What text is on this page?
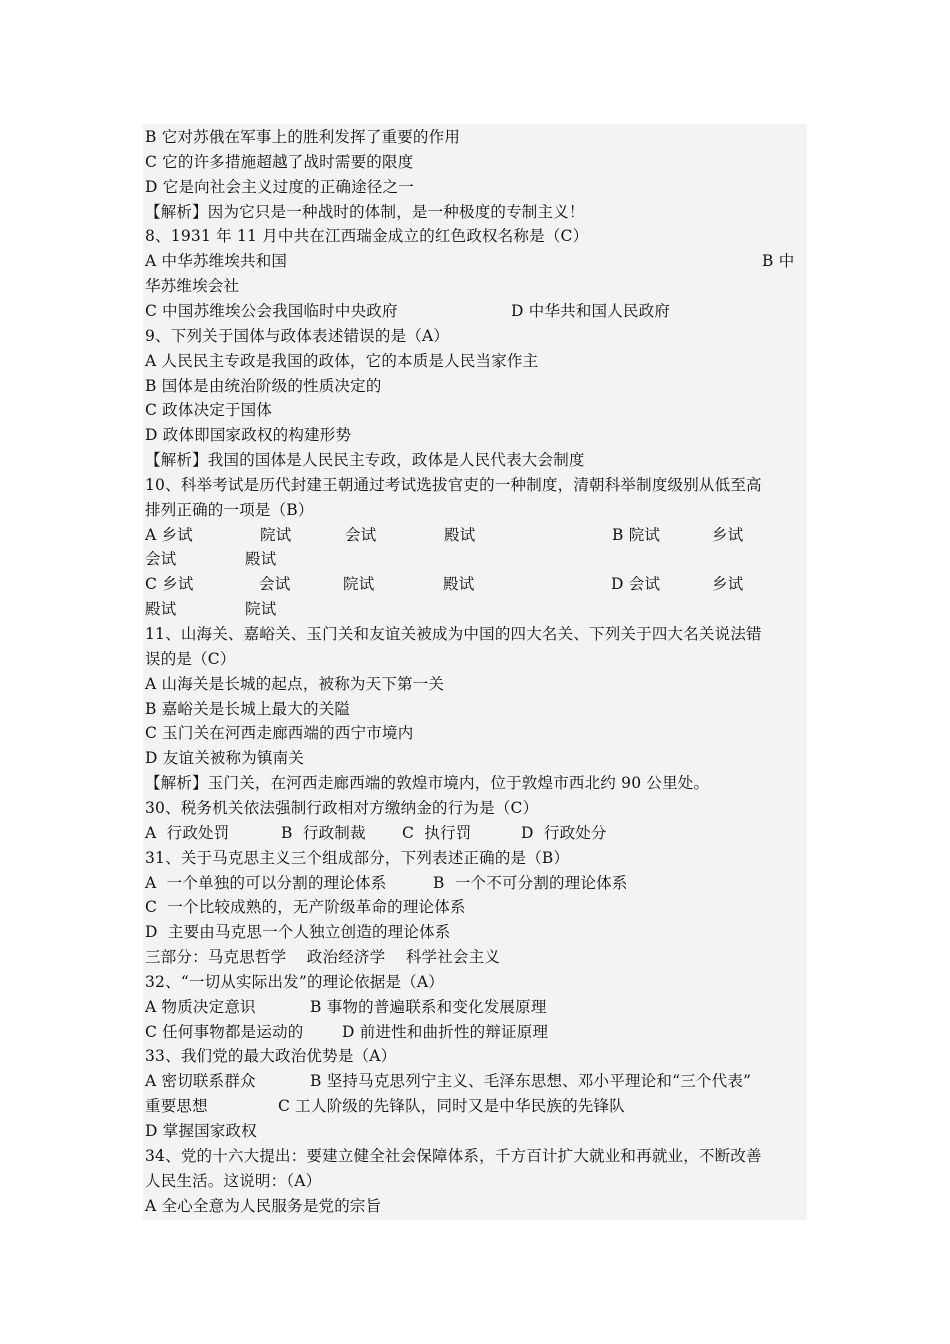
B 它对苏俄在军事上的胜利发挥了重要的作用
C 它的许多措施超越了战时需要的限度
D 它是向社会主义过度的正确途径之一
【解析】因为它只是一种战时的体制，是一种极度的专制主义！
8、1931 年 11 月中共在江西瑞金成立的红色政权名称是（C）
A 中华苏维埃共和国	B 中
华苏维埃会社
C 中国苏维埃公会我国临时中央政府	D 中华共和国人民政府
9、下列关于国体与政体表述错误的是（A）
A 人民民主专政是我国的政体，它的本质是人民当家作主
B 国体是由统治阶级的性质决定的
C 政体决定于国体
D 政体即国家政权的构建形势
【解析】我国的国体是人民民主专政，政体是人民代表大会制度
10、科举考试是历代封建王朝通过考试选拔官吏的一种制度，清朝科举制度级别从低至高
排列正确的一项是（B）
A 乡试	院试	会试	殿试	B 院试	乡试
会试	殿试
C 乡试	会试	院试	殿试	D 会试	乡试
殿试	院试
11、山海关、嘉峪关、玉门关和友谊关被成为中国的四大名关、下列关于四大名关说法错
误的是（C）
A 山海关是长城的起点，被称为天下第一关
B 嘉峪关是长城上最大的关隘
C 玉门关在河西走廊西端的西宁市境内
D 友谊关被称为镇南关
【解析】玉门关，在河西走廊西端的敦煌市境内，位于敦煌市西北约 90 公里处。
30、税务机关依法强制行政相对方缴纳金的行为是（C）
A  行政处罚	B  行政制裁 C  执行罚	D  行政处分
31、关于马克思主义三个组成部分，下列表述正确的是（B）
A  一个单独的可以分割的理论体系	B  一个不可分割的理论体系
C  一个比较成熟的，无产阶级革命的理论体系
D  主要由马克思一个人独立创造的理论体系
三部分：马克思哲学    政治经济学    科学社会主义
32、“一切从实际出发”的理论依据是（A）
A 物质决定意识	B 事物的普遍联系和变化发展原理
C 任何事物都是运动的 D 前进性和曲折性的辩证原理
33、我们党的最大政治优势是（A）
A 密切联系群众	B 坚持马克思列宁主义、毛泽东思想、邓小平理论和“三个代表”
重要思想	C 工人阶级的先锋队，同时又是中华民族的先锋队
D 掌握国家政权
34、党的十六大提出：要建立健全社会保障体系，千方百计扩大就业和再就业，不断改善
人民生活。这说明：（A）
A 全心全意为人民服务是党的宗旨
